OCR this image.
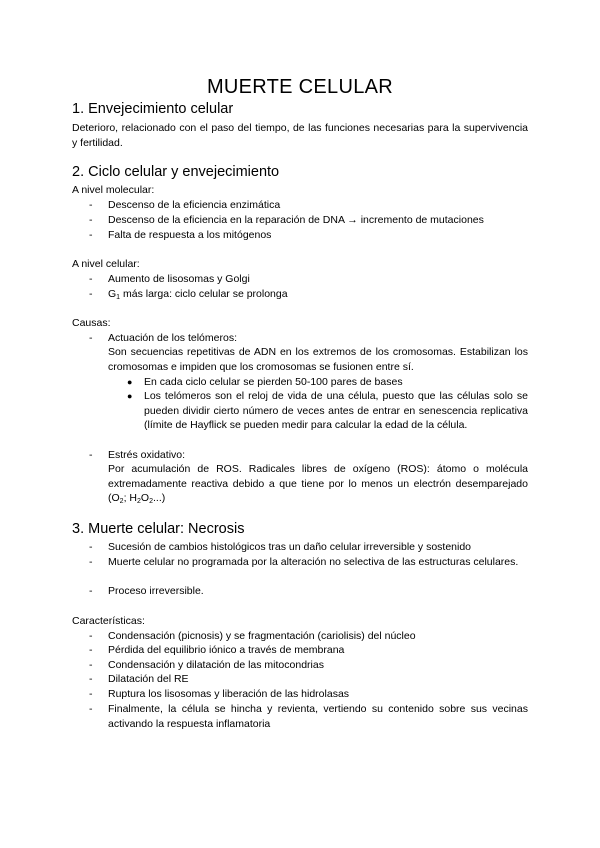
MUERTE CELULAR
1. Envejecimiento celular
Deterioro, relacionado con el paso del tiempo, de las funciones necesarias para la supervivencia y fertilidad.
2. Ciclo celular y envejecimiento
A nivel molecular:
- Descenso de la eficiencia enzimática
- Descenso de la eficiencia en la reparación de DNA → incremento de mutaciones
- Falta de respuesta a los mitógenos
A nivel celular:
- Aumento de lisosomas y Golgi
- $G_1$ más larga: ciclo celular se prolonga
Causas:
- Actuación de los telómeros:
Son secuencias repetitivas de ADN en los extremos de los cromosomas. Estabilizan los cromosomas e impiden que los cromosomas se fusionen entre sí.
● En cada ciclo celular se pierden 50-100 pares de bases
● Los telómeros son el reloj de vida de una célula, puesto que las células solo se pueden dividir cierto número de veces antes de entrar en senescencia replicativa (límite de Hayflick se pueden medir para calcular la edad de la célula.
- Estrés oxidativo:
Por acumulación de ROS. Radicales libres de oxígeno (ROS): átomo o molécula extremadamente reactiva debido a que tiene por lo menos un electrón desemparejado ($O_2$; $H_2O_2$...)
3. Muerte celular: Necrosis
- Sucesión de cambios histológicos tras un daño celular irreversible y sostenido
- Muerte celular no programada por la alteración no selectiva de las estructuras celulares.
- Proceso irreversible.
Características:
- Condensación (picnosis) y se fragmentación (cariolisis) del núcleo
- Pérdida del equilibrio iónico a través de membrana
- Condensación y dilatación de las mitocondrias
- Dilatación del RE
- Ruptura los lisosomas y liberación de las hidrolasas
- Finalmente, la célula se hincha y revienta, vertiendo su contenido sobre sus vecinas activando la respuesta inflamatoria
